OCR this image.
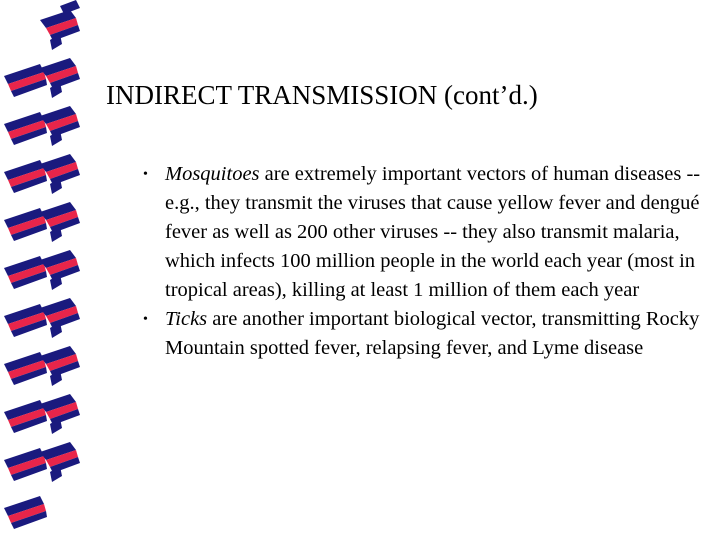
INDIRECT TRANSMISSION (cont’d.)
• Mosquitoes are extremely important vectors of human diseases -- e.g., they transmit the viruses that cause yellow fever and dengué fever as well as 200 other viruses -- they also transmit malaria, which infects 100 million people in the world each year (most in tropical areas), killing at least 1 million of them each year
• Ticks are another important biological vector, transmitting Rocky Mountain spotted fever, relapsing fever, and Lyme disease
